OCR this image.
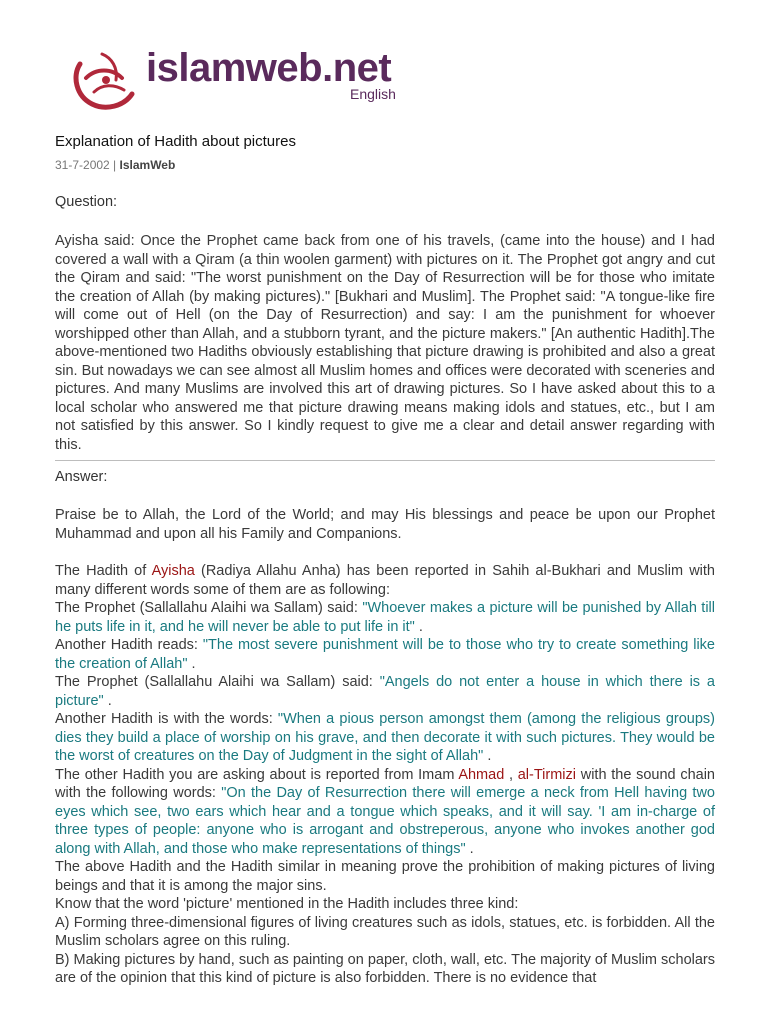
islamweb.net
English
Explanation of Hadith about pictures
31-7-2002 | IslamWeb
Question:
Ayisha said: Once the Prophet came back from one of his travels, (came into the house) and I had covered a wall with a Qiram (a thin woolen garment) with pictures on it. The Prophet got angry and cut the Qiram and said: "The worst punishment on the Day of Resurrection will be for those who imitate the creation of Allah (by making pictures)." [Bukhari and Muslim]. The Prophet said: "A tongue-like fire will come out of Hell (on the Day of Resurrection) and say: I am the punishment for whoever worshipped other than Allah, and a stubborn tyrant, and the picture makers." [An authentic Hadith].The above-mentioned two Hadiths obviously establishing that picture drawing is prohibited and also a great sin. But nowadays we can see almost all Muslim homes and offices were decorated with sceneries and pictures. And many Muslims are involved this art of drawing pictures. So I have asked about this to a local scholar who answered me that picture drawing means making idols and statues, etc., but I am not satisfied by this answer. So I kindly request to give me a clear and detail answer regarding with this.
Answer:
Praise be to Allah, the Lord of the World; and may His blessings and peace be upon our Prophet Muhammad and upon all his Family and Companions.
The Hadith of Ayisha (Radiya Allahu Anha) has been reported in Sahih al-Bukhari and Muslim with many different words some of them are as following:
The Prophet (Sallallahu Alaihi wa Sallam) said: "Whoever makes a picture will be punished by Allah till he puts life in it, and he will never be able to put life in it" .
Another Hadith reads: "The most severe punishment will be to those who try to create something like the creation of Allah" .
The Prophet (Sallallahu Alaihi wa Sallam) said: "Angels do not enter a house in which there is a picture" .
Another Hadith is with the words: "When a pious person amongst them (among the religious groups) dies they build a place of worship on his grave, and then decorate it with such pictures. They would be the worst of creatures on the Day of Judgment in the sight of Allah" .
The other Hadith you are asking about is reported from Imam Ahmad , al-Tirmizi with the sound chain with the following words: "On the Day of Resurrection there will emerge a neck from Hell having two eyes which see, two ears which hear and a tongue which speaks, and it will say. 'I am in-charge of three types of people: anyone who is arrogant and obstreperous, anyone who invokes another god along with Allah, and those who make representations of things" .
The above Hadith and the Hadith similar in meaning prove the prohibition of making pictures of living beings and that it is among the major sins.
Know that the word 'picture' mentioned in the Hadith includes three kind:
A) Forming three-dimensional figures of living creatures such as idols, statues, etc. is forbidden. All the Muslim scholars agree on this ruling.
B) Making pictures by hand, such as painting on paper, cloth, wall, etc. The majority of Muslim scholars are of the opinion that this kind of picture is also forbidden. There is no evidence that
